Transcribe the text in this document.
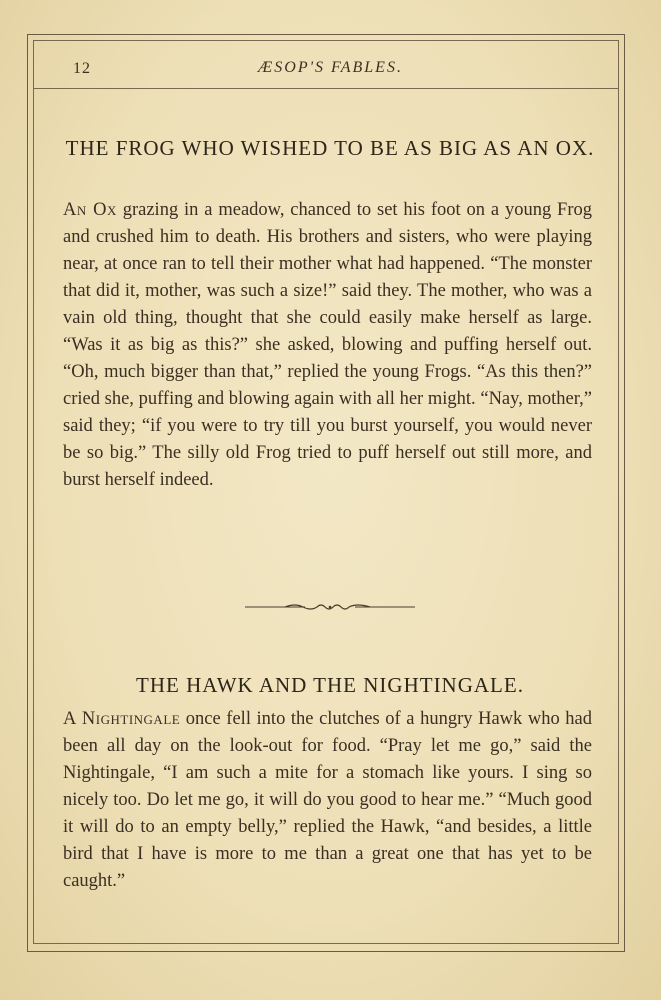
12	ÆSOP'S FABLES.
THE FROG WHO WISHED TO BE AS BIG AS AN OX.
An Ox grazing in a meadow, chanced to set his foot on a young Frog and crushed him to death. His brothers and sisters, who were playing near, at once ran to tell their mother what had happened. “The monster that did it, mother, was such a size!” said they. The mother, who was a vain old thing, thought that she could easily make herself as large. “Was it as big as this?” she asked, blowing and puffing herself out. “Oh, much bigger than that,” replied the young Frogs. “As this then?” cried she, puffing and blowing again with all her might. “Nay, mother,” said they; “if you were to try till you burst yourself, you would never be so big.” The silly old Frog tried to puff herself out still more, and burst herself indeed.
THE HAWK AND THE NIGHTINGALE.
A Nightingale once fell into the clutches of a hungry Hawk who had been all day on the look-out for food. “Pray let me go,” said the Nightingale, “I am such a mite for a stomach like yours. I sing so nicely too. Do let me go, it will do you good to hear me.” “Much good it will do to an empty belly,” replied the Hawk, “and besides, a little bird that I have is more to me than a great one that has yet to be caught.”
